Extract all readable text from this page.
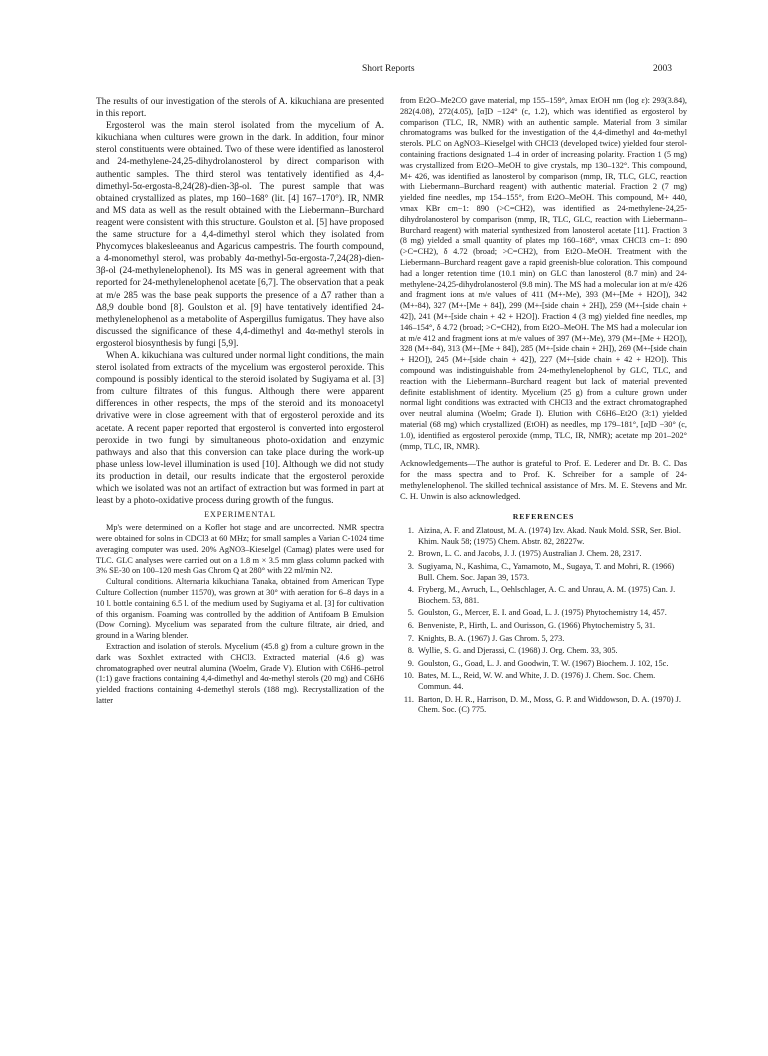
Short Reports	2003

The results of our investigation of the sterols of A. kikuchiana are presented in this report.

Ergosterol was the main sterol isolated from the mycelium of A. kikuchiana when cultures were grown in the dark. In addition, four minor sterol constituents were obtained. Two of these were identified as lanosterol and 24-methylene-24,25-dihydrolanosterol by direct comparison with authentic samples. The third sterol was tentatively identified as 4,4-dimethyl-5α-ergosta-8,24(28)-dien-3β-ol. The purest sample that was obtained crystallized as plates, mp 160–168° (lit. [4] 167–170°). IR, NMR and MS data as well as the result obtained with the Liebermann–Burchard reagent were consistent with this structure. Goulston et al. [5] have proposed the same structure for a 4,4-dimethyl sterol which they isolated from Phycomyces blakesleeanus and Agaricus campestris. The fourth compound, a 4-monomethyl sterol, was probably 4α-methyl-5α-ergosta-7,24(28)-dien-3β-ol (24-methylenelophenol). Its MS was in general agreement with that reported for 24-methylenelophenol acetate [6,7]. The observation that a peak at m/e 285 was the base peak supports the presence of a Δ7 rather than a Δ8,9 double bond [8]. Goulston et al. [9] have tentatively identified 24-methylenelophenol as a metabolite of Aspergillus fumigatus. They have also discussed the significance of these 4,4-dimethyl and 4α-methyl sterols in ergosterol biosynthesis by fungi [5,9].

When A. kikuchiana was cultured under normal light conditions, the main sterol isolated from extracts of the mycelium was ergosterol peroxide. This compound is possibly identical to the steroid isolated by Sugiyama et al. [3] from culture filtrates of this fungus. Although there were apparent differences in other respects, the mps of the steroid and its monoacetyl drivative were in close agreement with that of ergosterol peroxide and its acetate. A recent paper reported that ergosterol is converted into ergosterol peroxide in two fungi by simultaneous photo-oxidation and enzymic pathways and also that this conversion can take place during the work-up phase unless low-level illumination is used [10]. Although we did not study its production in detail, our results indicate that the ergosterol peroxide which we isolated was not an artifact of extraction but was formed in part at least by a photo-oxidative process during growth of the fungus.

EXPERIMENTAL

Mp's were determined on a Kofler hot stage and are uncorrected. NMR spectra were obtained for solns in CDCl3 at 60 MHz; for small samples a Varian C-1024 time averaging computer was used. 20% AgNO3–Kieselgel (Camag) plates were used for TLC. GLC analyses were carried out on a 1.8 m × 3.5 mm glass column packed with 3% SE-30 on 100–120 mesh Gas Chrom Q at 280° with 22 ml/min N2.

Cultural conditions. Alternaria kikuchiana Tanaka, obtained from American Type Culture Collection (number 11570), was grown at 30° with aeration for 6–8 days in a 10 l. bottle containing 6.5 l. of the medium used by Sugiyama et al. [3] for cultivation of this organism. Foaming was controlled by the addition of Antifoam B Emulsion (Dow Corning). Mycelium was separated from the culture filtrate, air dried, and ground in a Waring blender.

Extraction and isolation of sterols. Mycelium (45.8 g) from a culture grown in the dark was Soxhlet extracted with CHCl3. Extracted material (4.6 g) was chromatographed over neutral alumina (Woelm, Grade V). Elution with C6H6–petrol (1:1) gave fractions containing 4,4-dimethyl and 4α-methyl sterols (20 mg) and C6H6 yielded fractions containing 4-demethyl sterols (188 mg). Recrystallization of the latter

from Et2O–Me2CO gave material, mp 155–159°, λmax EtOH nm (log ε): 293(3.84), 282(4.08), 272(4.05), [α]D −124° (c, 1.2), which was identified as ergosterol by comparison (TLC, IR, NMR) with an authentic sample. Material from 3 similar chromatograms was bulked for the investigation of the 4,4-dimethyl and 4α-methyl sterols. PLC on AgNO3–Kieselgel with CHCl3 (developed twice) yielded four sterol-containing fractions designated 1–4 in order of increasing polarity. Fraction 1 (5 mg) was crystallized from Et2O–MeOH to give crystals, mp 130–132°. This compound, M+ 426, was identified as lanosterol by comparison (mmp, IR, TLC, GLC, reaction with Liebermann–Burchard reagent) with authentic material. Fraction 2 (7 mg) yielded fine needles, mp 154–155°, from Et2O–MeOH. This compound, M+ 440, νmax KBr cm−1: 890 (>C=CH2), was identified as 24-methylene-24,25-dihydrolanosterol by comparison (mmp, IR, TLC, GLC, reaction with Liebermann–Burchard reagent) with material synthesized from lanosterol acetate [11]. Fraction 3 (8 mg) yielded a small quantity of plates mp 160–168°, νmax CHCl3 cm−1: 890 (>C=CH2), δ 4.72 (broad; >C=CH2), from Et2O–MeOH. Treatment with the Liebermann–Burchard reagent gave a rapid greenish-blue coloration. This compound had a longer retention time (10.1 min) on GLC than lanosterol (8.7 min) and 24-methylene-24,25-dihydrolanosterol (9.8 min). The MS had a molecular ion at m/e 426 and fragment ions at m/e values of 411 (M+-Me), 393 (M+-[Me + H2O]), 342 (M+-84), 327 (M+-[Me + 84]), 299 (M+-[side chain + 2H]), 259 (M+-[side chain + 42]), 241 (M+-[side chain + 42 + H2O]). Fraction 4 (3 mg) yielded fine needles, mp 146–154°, δ 4.72 (broad; >C=CH2), from Et2O–MeOH. The MS had a molecular ion at m/e 412 and fragment ions at m/e values of 397 (M+-Me), 379 (M+-[Me + H2O]), 328 (M+-84), 313 (M+-[Me + 84]), 285 (M+-[side chain + 2H]), 269 (M+-[side chain + H2O]), 245 (M+-[side chain + 42]), 227 (M+-[side chain + 42 + H2O]). This compound was indistinguishable from 24-methylenelophenol by GLC, TLC, and reaction with the Liebermann–Burchard reagent but lack of material prevented definite establishment of identity. Mycelium (25 g) from a culture grown under normal light conditions was extracted with CHCl3 and the extract chromatographed over neutral alumina (Woelm; Grade I). Elution with C6H6–Et2O (3:1) yielded material (68 mg) which crystallized (EtOH) as needles, mp 179–181°, [α]D −30° (c, 1.0), identified as ergosterol peroxide (mmp, TLC, IR, NMR); acetate mp 201–202° (mmp, TLC, IR, NMR).

Acknowledgements—The author is grateful to Prof. E. Lederer and Dr. B. C. Das for the mass spectra and to Prof. K. Schreiber for a sample of 24-methylenelophenol. The skilled technical assistance of Mrs. M. E. Stevens and Mr. C. H. Unwin is also acknowledged.

REFERENCES
1. Aizina, A. F. and Zlatoust, M. A. (1974) Izv. Akad. Nauk Mold. SSR, Ser. Biol. Khim. Nauk 58; (1975) Chem. Abstr. 82, 28227w.
2. Brown, L. C. and Jacobs, J. J. (1975) Australian J. Chem. 28, 2317.
3. Sugiyama, N., Kashima, C., Yamamoto, M., Sugaya, T. and Mohri, R. (1966) Bull. Chem. Soc. Japan 39, 1573.
4. Fryberg, M., Avruch, L., Oehlschlager, A. C. and Unrau, A. M. (1975) Can. J. Biochem. 53, 881.
5. Goulston, G., Mercer, E. I. and Goad, L. J. (1975) Phytochemistry 14, 457.
6. Benveniste, P., Hirth, L. and Ourisson, G. (1966) Phytochemistry 5, 31.
7. Knights, B. A. (1967) J. Gas Chrom. 5, 273.
8. Wyllie, S. G. and Djerassi, C. (1968) J. Org. Chem. 33, 305.
9. Goulston, G., Goad, L. J. and Goodwin, T. W. (1967) Biochem. J. 102, 15c.
10. Bates, M. L., Reid, W. W. and White, J. D. (1976) J. Chem. Soc. Chem. Commun. 44.
11. Barton, D. H. R., Harrison, D. M., Moss, G. P. and Widdowson, D. A. (1970) J. Chem. Soc. (C) 775.
